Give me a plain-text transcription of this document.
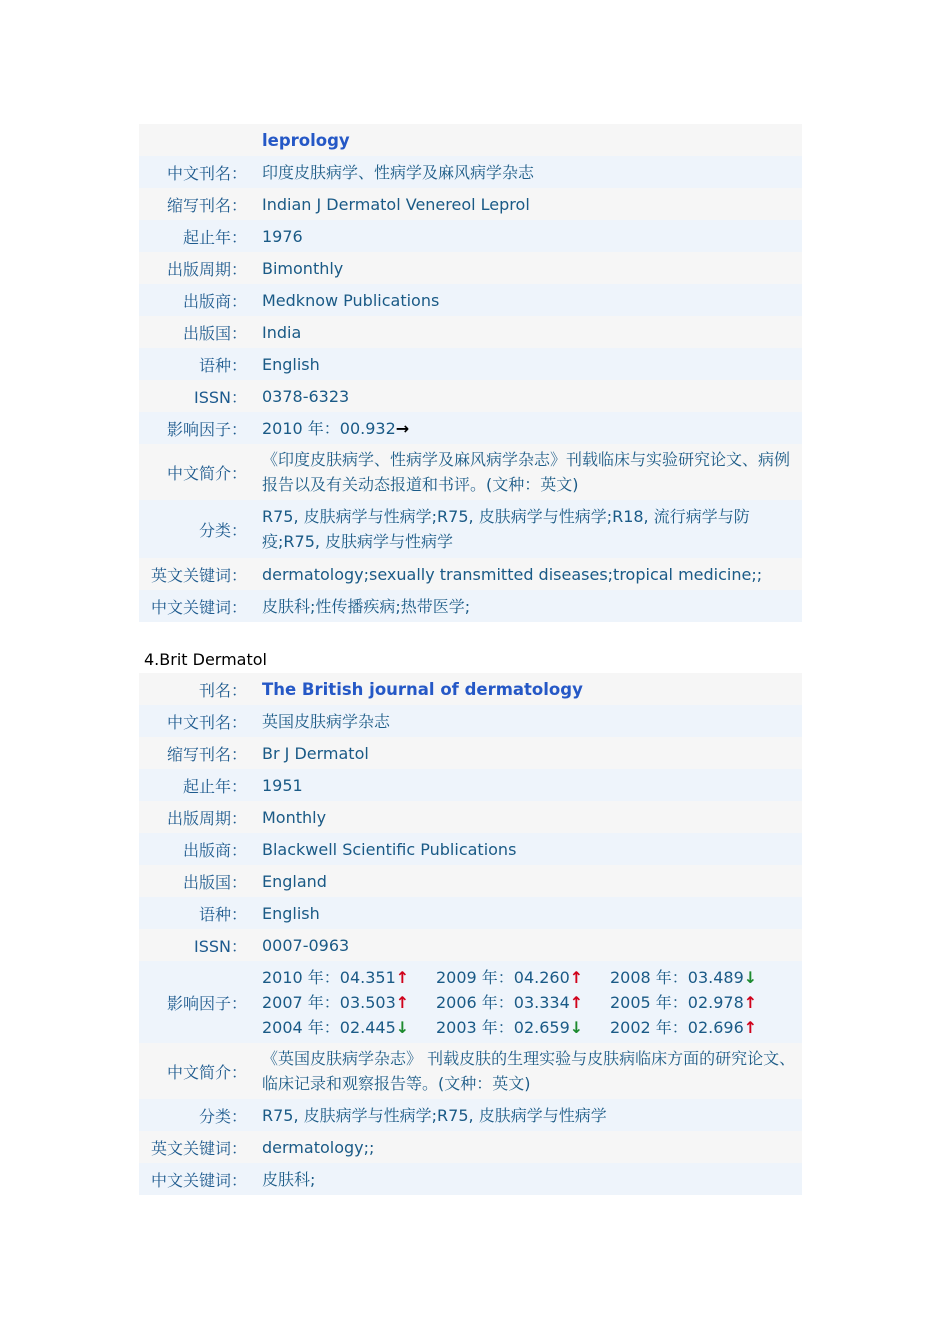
leprology
中文刊名： 印度皮肤病学、性病学及麻风病学杂志
缩写刊名： Indian J Dermatol Venereol Leprol
起止年： 1976
出版周期： Bimonthly
出版商： Medknow Publications
出版国： India
语种： English
ISSN： 0378-6323
影响因子： 2010 年：00.932→
中文简介：
《印度皮肤病学、性病学及麻风病学杂志》刊载临床与实验研究论文、病例报告以及有关动态报道和书评。(文种：英文)
分类：
R75, 皮肤病学与性病学;R75, 皮肤病学与性病学;R18, 流行病学与防疫;R75, 皮肤病学与性病学
英文关键词： dermatology;sexually transmitted diseases;tropical medicine;;
中文关键词： 皮肤科;性传播疾病;热带医学;
4.Brit Dermatol
刊名： The British journal of dermatology
中文刊名： 英国皮肤病学杂志
缩写刊名： Br J Dermatol
起止年： 1951
出版周期： Monthly
出版商： Blackwell Scientific Publications
出版国： England
语种： English
ISSN： 0007-0963
影响因子：
2010 年：04.351↑	2009 年：04.260↑	2008 年：03.489↓
2007 年：03.503↑	2006 年：03.334↑	2005 年：02.978↑
2004 年：02.445↓	2003 年：02.659↓	2002 年：02.696↑
中文简介：
《英国皮肤病学杂志》 刊载皮肤的生理实验与皮肤病临床方面的研究论文、临床记录和观察报告等。(文种：英文)
分类： R75, 皮肤病学与性病学;R75, 皮肤病学与性病学
英文关键词： dermatology;;
中文关键词： 皮肤科;
